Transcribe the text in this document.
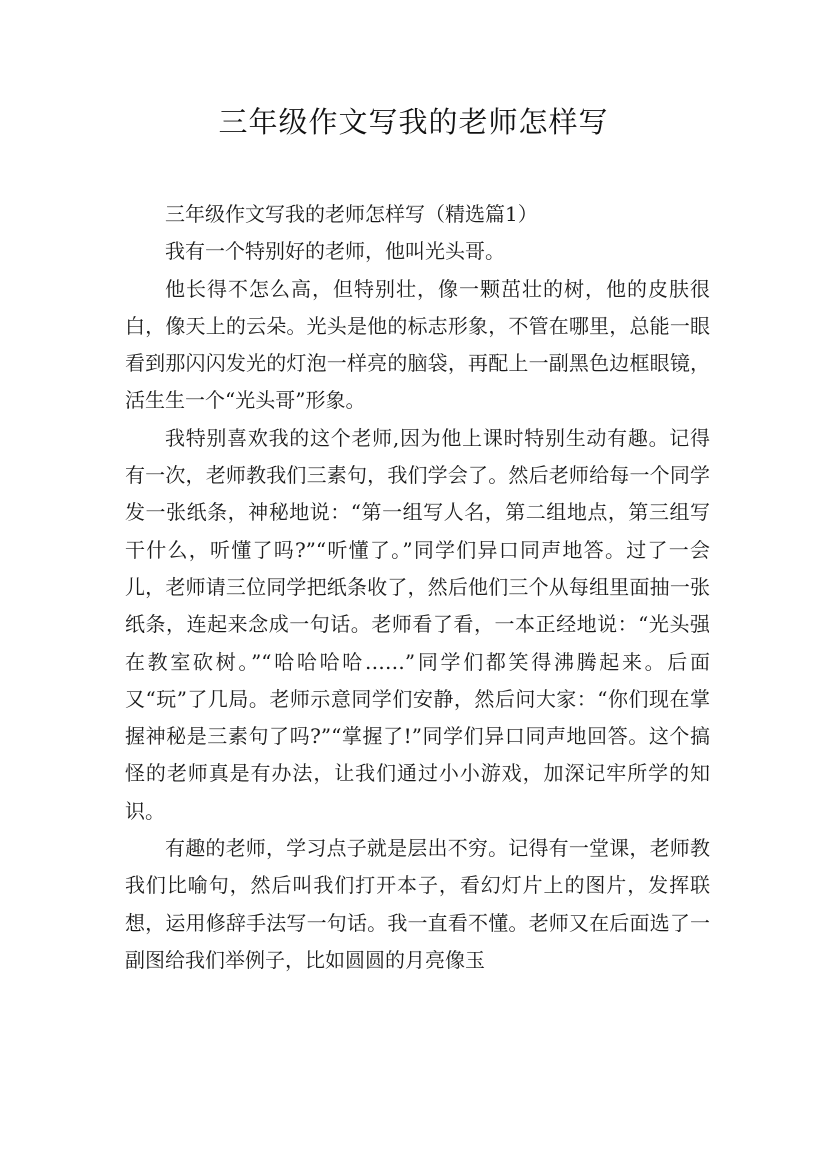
三年级作文写我的老师怎样写

三年级作文写我的老师怎样写（精选篇1）

我有一个特别好的老师，他叫光头哥。

他长得不怎么高，但特别壮，像一颗茁壮的树，他的皮肤很白，像天上的云朵。光头是他的标志形象，不管在哪里，总能一眼看到那闪闪发光的灯泡一样亮的脑袋，再配上一副黑色边框眼镜，活生生一个“光头哥”形象。

我特别喜欢我的这个老师,因为他上课时特别生动有趣。记得有一次，老师教我们三素句，我们学会了。然后老师给每一个同学发一张纸条，神秘地说：“第一组写人名，第二组地点，第三组写干什么，听懂了吗?”“听懂了。”同学们异口同声地答。过了一会儿，老师请三位同学把纸条收了，然后他们三个从每组里面抽一张纸条，连起来念成一句话。老师看了看，一本正经地说：“光头强在教室砍树。”“哈哈哈哈……”同学们都笑得沸腾起来。后面又“玩”了几局。老师示意同学们安静，然后问大家：“你们现在掌握神秘是三素句了吗?”“掌握了!”同学们异口同声地回答。这个搞怪的老师真是有办法，让我们通过小小游戏，加深记牢所学的知识。

有趣的老师，学习点子就是层出不穷。记得有一堂课，老师教我们比喻句，然后叫我们打开本子，看幻灯片上的图片，发挥联想，运用修辞手法写一句话。我一直看不懂。老师又在后面选了一副图给我们举例子，比如圆圆的月亮像玉
